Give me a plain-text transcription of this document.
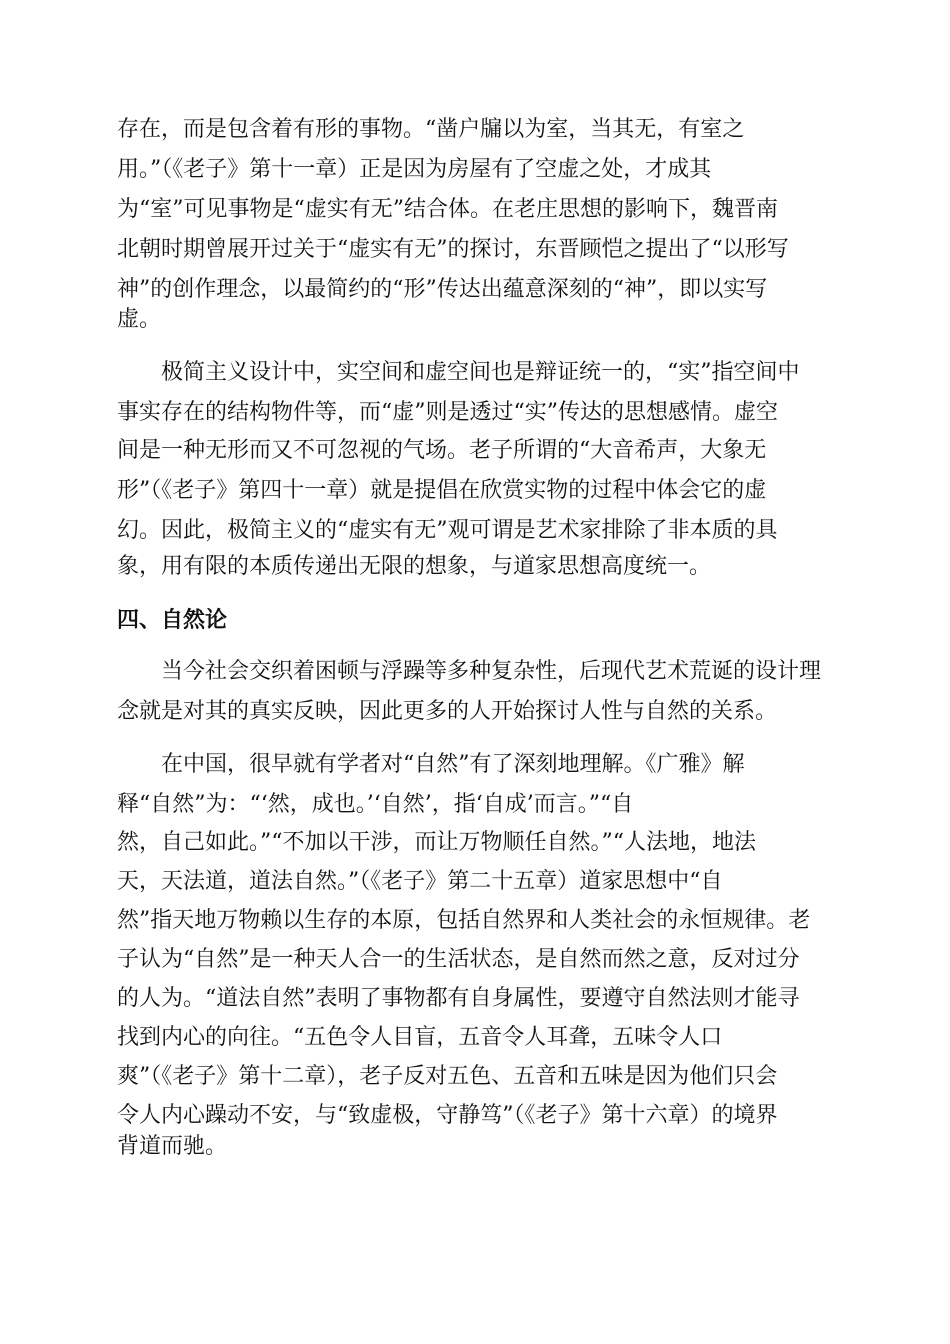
存在，而是包含着有形的事物。“凿户牖以为室，当其无，有室之
用。”（《老子》第十一章）正是因为房屋有了空虚之处，才成其
为“室”可见事物是“虚实有无”结合体。在老庄思想的影响下，魏晋南
北朝时期曾展开过关于“虚实有无”的探讨，东晋顾恺之提出了“以形写
神”的创作理念，以最简约的“形”传达出蕴意深刻的“神”，即以实写
虚。
极简主义设计中，实空间和虚空间也是辩证统一的，“实”指空间中
事实存在的结构物件等，而“虚”则是透过“实”传达的思想感情。虚空
间是一种无形而又不可忽视的气场。老子所谓的“大音希声，大象无
形”（《老子》第四十一章）就是提倡在欣赏实物的过程中体会它的虚
幻。因此，极简主义的“虚实有无”观可谓是艺术家排除了非本质的具
象，用有限的本质传递出无限的想象，与道家思想高度统一。
四、自然论
当今社会交织着困顿与浮躁等多种复杂性，后现代艺术荒诞的设计理
念就是对其的真实反映，因此更多的人开始探讨人性与自然的关系。
在中国，很早就有学者对“自然”有了深刻地理解。《广雅》解
释“自然”为：“‘然，成也。’‘自然’，指‘自成’而言。”“自
然，自己如此。”“不加以干涉，而让万物顺任自然。”“人法地，地法
天，天法道，道法自然。”（《老子》第二十五章）道家思想中“自
然”指天地万物赖以生存的本原，包括自然界和人类社会的永恒规律。老
子认为“自然”是一种天人合一的生活状态，是自然而然之意，反对过分
的人为。“道法自然”表明了事物都有自身属性，要遵守自然法则才能寻
找到内心的向往。“五色令人目盲，五音令人耳聋，五味令人口
爽”（《老子》第十二章），老子反对五色、五音和五味是因为他们只会
令人内心躁动不安，与“致虚极，守静笃”（《老子》第十六章）的境界
背道而驰。
